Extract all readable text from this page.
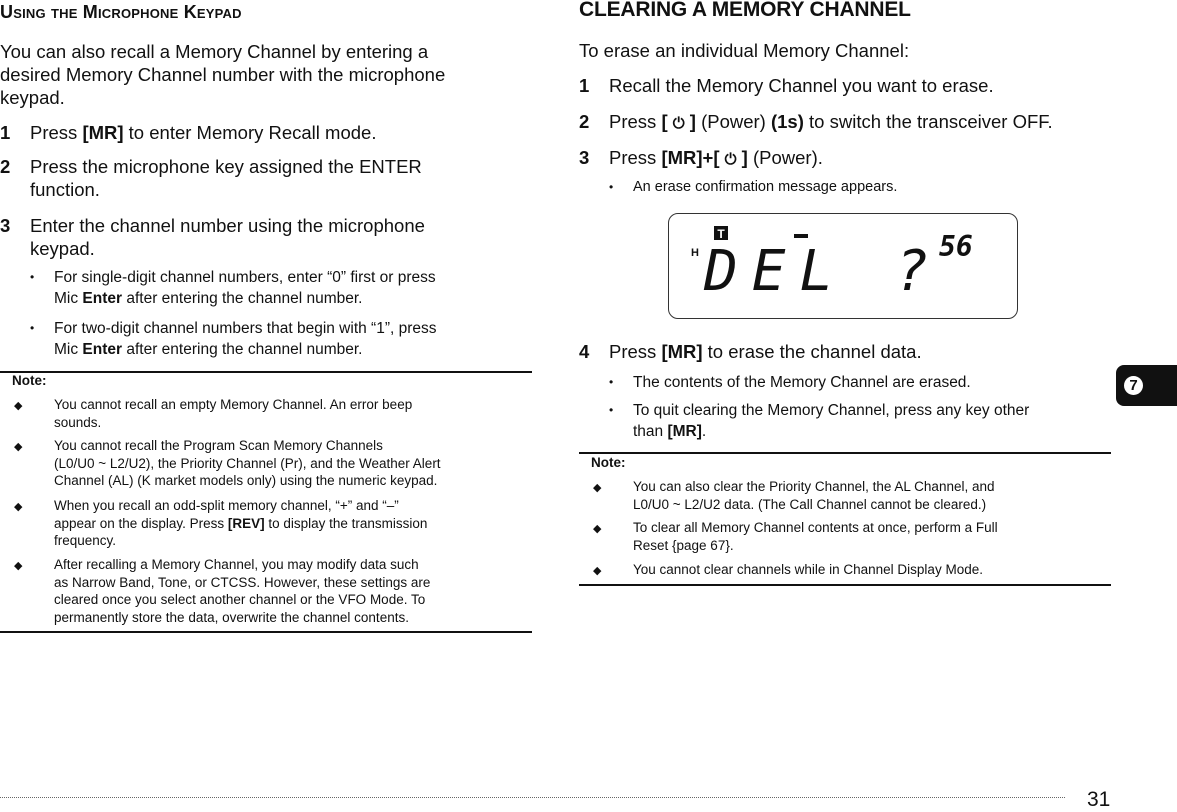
Using the Microphone Keypad
You can also recall a Memory Channel by entering a
desired Memory Channel number with the microphone
keypad.
1 Press [MR] to enter Memory Recall mode.
2 Press the microphone key assigned the ENTER
function.
3 Enter the channel number using the microphone
keypad.
• For single-digit channel numbers, enter “0” first or press
Mic Enter after entering the channel number.
• For two-digit channel numbers that begin with “1”, press
Mic Enter after entering the channel number.
Note:
◆ You cannot recall an empty Memory Channel. An error beep
sounds.
◆ You cannot recall the Program Scan Memory Channels
(L0/U0 ~ L2/U2), the Priority Channel (Pr), and the Weather Alert
Channel (AL) (K market models only) using the numeric keypad.
◆ When you recall an odd-split memory channel, “+” and “–”
appear on the display. Press [REV] to display the transmission
frequency.
◆ After recalling a Memory Channel, you may modify data such
as Narrow Band, Tone, or CTCSS. However, these settings are
cleared once you select another channel or the VFO Mode. To
permanently store the data, overwrite the channel contents.
CLEARING A MEMORY CHANNEL
To erase an individual Memory Channel:
1 Recall the Memory Channel you want to erase.
2 Press [ ⏻ ] (Power) (1s) to switch the transceiver OFF.
3 Press [MR]+[ ⏻ ] (Power).
• An erase confirmation message appears.
T
H DEL ?
56
4 Press [MR] to erase the channel data.
• The contents of the Memory Channel are erased.
• To quit clearing the Memory Channel, press any key other
than [MR].
Note:
◆ You can also clear the Priority Channel, the AL Channel, and
L0/U0 ~ L2/U2 data. (The Call Channel cannot be cleared.)
◆ To clear all Memory Channel contents at once, perform a Full
Reset {page 67}.
◆ You cannot clear channels while in Channel Display Mode.
7
31
